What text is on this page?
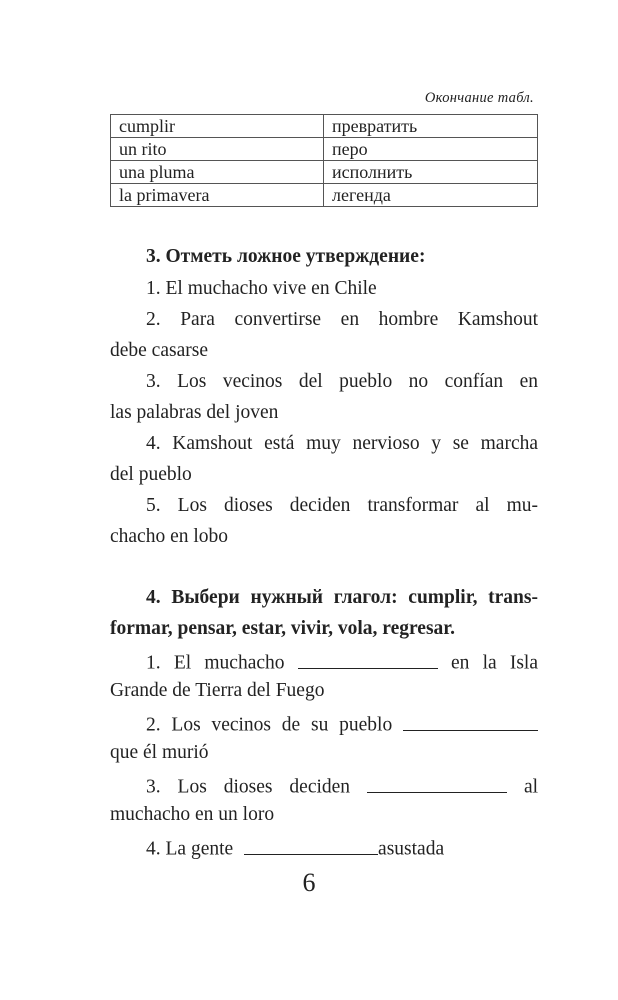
Окончание табл.
cumplir	превратить
un rito	перо
una pluma	исполнить
la primavera	легенда
3. Отметь ложное утверждение:
1. El muchacho vive en Chile
2. Para convertirse en hombre Kamshout
debe casarse
3. Los vecinos del pueblo no confían en
las palabras del joven
4. Kamshout está muy nervioso y se marcha
del pueblo
5. Los dioses deciden transformar al mu-
chacho en lobo
4. Выбери нужный глагол: cumplir, trans-
formar, pensar, estar, vivir, vola, regresar.
1. El muchacho	en la Isla
Grande de Tierra del Fuego
2. Los vecinos de su pueblo
que él murió
3. Los dioses deciden	al
muchacho en un loro
4. La gente	asustada
6
